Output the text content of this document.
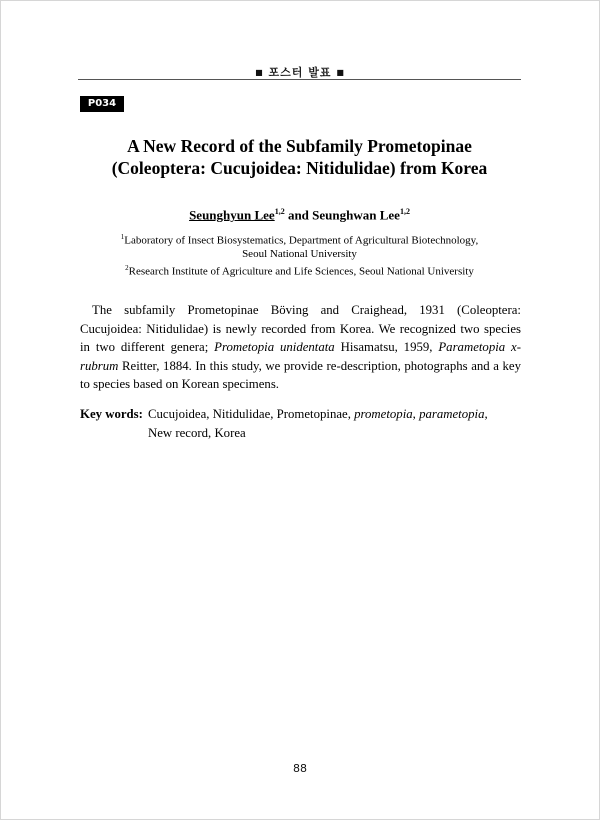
■ 포스터 발표 ■
P034
A New Record of the Subfamily Prometopinae
(Coleoptera: Cucujoidea: Nitidulidae) from Korea
Seunghyun Lee$^{1,2}$ and Seunghwan Lee$^{1,2}$
$^1$Laboratory of Insect Biosystematics, Department of Agricultural Biotechnology,
Seoul National University
$^2$Research Institute of Agriculture and Life Sciences, Seoul National University

The subfamily Prometopinae Böving and Craighead, 1931 (Coleoptera: Cucujoidea: Nitidulidae) is newly recorded from Korea. We recognized two species in two different genera; Prometopia unidentata Hisamatsu, 1959, Parametopia x-rubrum Reitter, 1884. In this study, we provide re-description, photographs and a key to species based on Korean specimens.

Key words: Cucujoidea, Nitidulidae, Prometopinae, prometopia, parametopia,
New record, Korea
88
